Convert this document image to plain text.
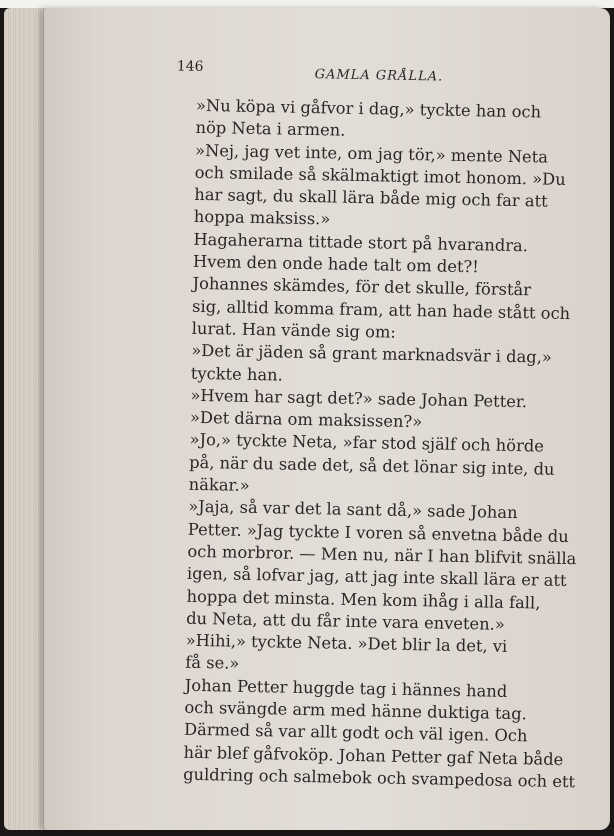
146
GAMLA GRÅLLA.

»Nu köpa vi gåfvor i dag,» tyckte han och
nöp Neta i armen.

»Nej, jag vet inte, om jag tör,» mente Neta
och smilade så skälmaktigt imot honom. »Du
har sagt, du skall lära både mig och far att
hoppa maksiss.»

Hagaherarna tittade stort på hvarandra.
Hvem den onde hade talt om det?!

Johannes skämdes, för det skulle, förstår
sig, alltid komma fram, att han hade stått och
lurat. Han vände sig om:

»Det är jäden så grant marknadsvär i dag,»
tyckte han.

»Hvem har sagt det?» sade Johan Petter.
»Det därna om maksissen?»

»Jo,» tyckte Neta, »far stod själf och hörde
på, när du sade det, så det lönar sig inte, du
näkar.»

»Jaja, så var det la sant då,» sade Johan
Petter. »Jag tyckte I voren så envetna både du
och morbror. — Men nu, när I han blifvit snälla
igen, så lofvar jag, att jag inte skall lära er att
hoppa det minsta. Men kom ihåg i alla fall,
du Neta, att du får inte vara enveten.»

»Hihi,» tyckte Neta. »Det blir la det, vi
få se.»

Johan Petter huggde tag i hännes hand
och svängde arm med hänne duktiga tag.

Därmed så var allt godt och väl igen. Och
här blef gåfvoköp. Johan Petter gaf Neta både
guldring och salmebok och svampedosa och ett
